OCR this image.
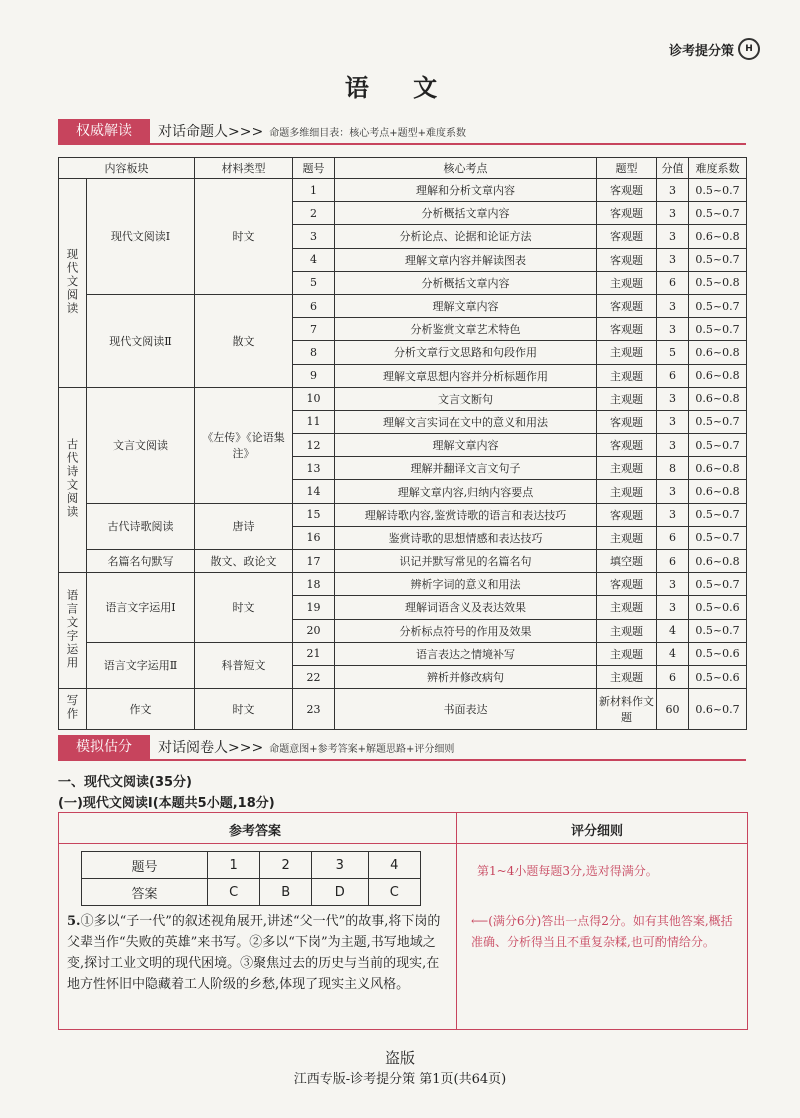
诊考提分策	H
语 文
权威解读	对话命题人>>> 命题多维细目表：核心考点+题型+难度系数
内容板块		材料类型	题号	核心考点	题型	分值	难度系数
现代文阅读	现代文阅读Ⅰ	时文	1	理解和分析文章内容	客观题	3	0.5~0.7
			2	分析概括文章内容	客观题	3	0.5~0.7
			3	分析论点、论据和论证方法	客观题	3	0.6~0.8
			4	理解文章内容并解读图表	客观题	3	0.5~0.7
			5	分析概括文章内容	主观题	6	0.5~0.8
	现代文阅读Ⅱ	散文	6	理解文章内容	客观题	3	0.5~0.7
			7	分析鉴赏文章艺术特色	客观题	3	0.5~0.7
			8	分析文章行文思路和句段作用	主观题	5	0.6~0.8
			9	理解文章思想内容并分析标题作用	主观题	6	0.6~0.8
古代诗文阅读	文言文阅读	《左传》《论语集注》	10	文言文断句	主观题	3	0.6~0.8
			11	理解文言实词在文中的意义和用法	客观题	3	0.5~0.7
			12	理解文章内容	客观题	3	0.5~0.7
			13	理解并翻译文言文句子	主观题	8	0.6~0.8
			14	理解文章内容,归纳内容要点	主观题	3	0.6~0.8
	古代诗歌阅读	唐诗	15	理解诗歌内容,鉴赏诗歌的语言和表达技巧	客观题	3	0.5~0.7
			16	鉴赏诗歌的思想情感和表达技巧	主观题	6	0.5~0.7
	名篇名句默写	散文、政论文	17	识记并默写常见的名篇名句	填空题	6	0.6~0.8
语言文字运用	语言文字运用Ⅰ	时文	18	辨析字词的意义和用法	客观题	3	0.5~0.7
			19	理解词语含义及表达效果	主观题	3	0.5~0.6
			20	分析标点符号的作用及效果	主观题	4	0.5~0.7
	语言文字运用Ⅱ	科普短文	21	语言表达之情境补写	主观题	4	0.5~0.6
			22	辨析并修改病句	主观题	6	0.5~0.6
写作	作文	时文	23	书面表达	新材料作文题	60	0.6~0.7
模拟估分	对话阅卷人>>> 命题意图+参考答案+解题思路+评分细则
一、现代文阅读(35分)
(一)现代文阅读Ⅰ(本题共5小题,18分)
参考答案	评分细则
题号	1	2	3	4
答案	C	B	D	C
5.①多以“子一代”的叙述视角展开,讲述“父一代”的故事,将下岗的父辈当作“失败的英雄”来书写。②多以“下岗”为主题,书写地域之变,探讨工业文明的现代困境。③聚焦过去的历史与当前的现实,在地方性怀旧中隐藏着工人阶级的乡愁,体现了现实主义风格。
第1~4小题每题3分,选对得满分。
⟵(满分6分)答出一点得2分。如有其他答案,概括准确、分析得当且不重复杂糅,也可酌情给分。
盗版
江西专版-诊考提分策 第1页(共64页)
